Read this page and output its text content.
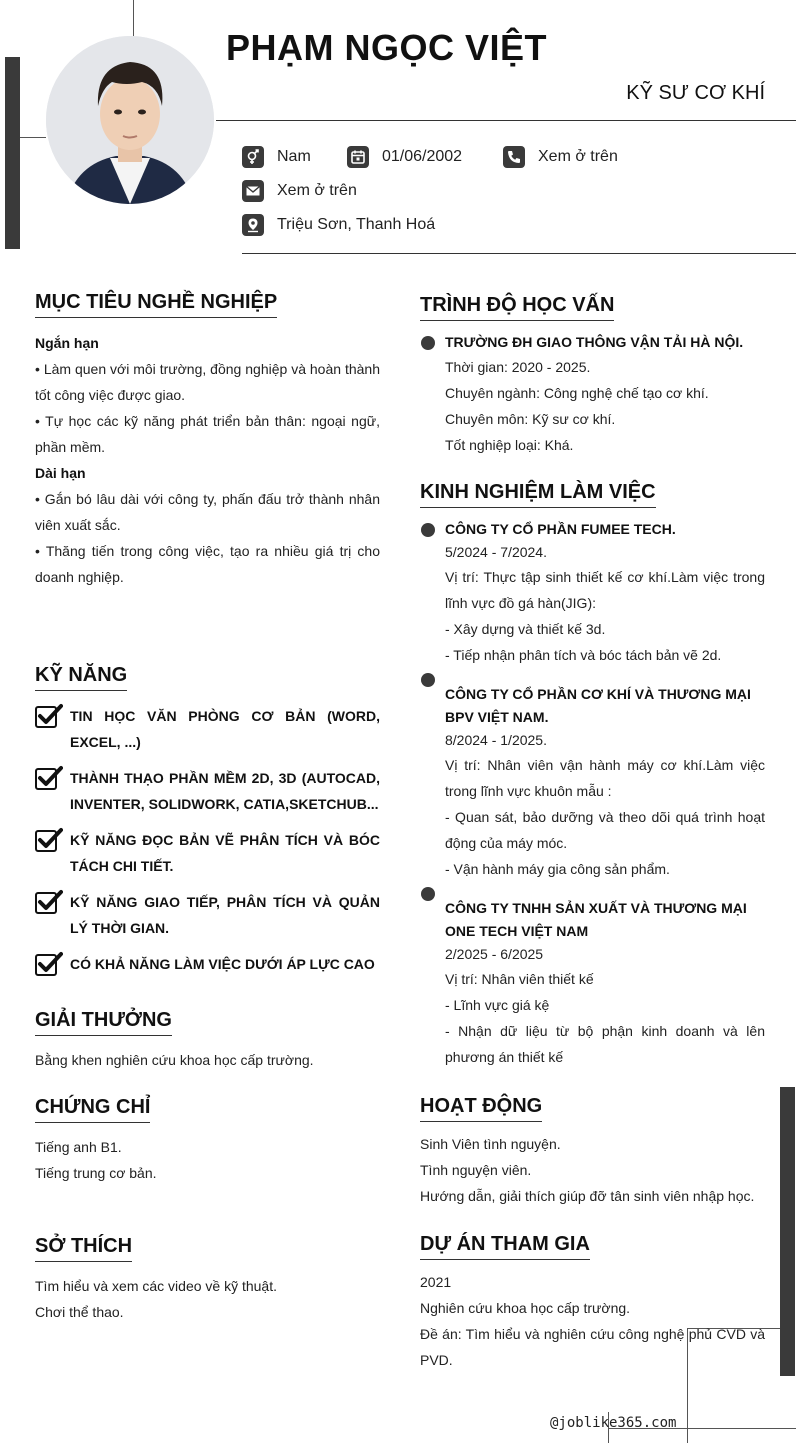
PHẠM NGỌC VIỆT
KỸ SƯ CƠ KHÍ
Nam	01/06/2002	Xem ở trên
Xem ở trên
Triệu Sơn, Thanh Hoá
MỤC TIÊU NGHỀ NGHIỆP
Ngắn hạn
• Làm quen với môi trường, đồng nghiệp và hoàn thành tốt công việc được giao.
• Tự học các kỹ năng phát triển bản thân: ngoại ngữ, phần mềm.
Dài hạn
• Gắn bó lâu dài với công ty, phấn đấu trở thành nhân viên xuất sắc.
• Thăng tiến trong công việc, tạo ra nhiều giá trị cho doanh nghiệp.
KỸ NĂNG
TIN HỌC VĂN PHÒNG CƠ BẢN (WORD, EXCEL, ...)
THÀNH THẠO PHẦN MỀM 2D, 3D (AUTOCAD, INVENTER, SOLIDWORK, CATIA,SKETCHUB...
KỸ NĂNG ĐỌC BẢN VẼ PHÂN TÍCH VÀ BÓC TÁCH CHI TIẾT.
KỸ NĂNG GIAO TIẾP, PHÂN TÍCH VÀ QUẢN LÝ THỜI GIAN.
CÓ KHẢ NĂNG LÀM VIỆC DƯỚI ÁP LỰC CAO
GIẢI THƯỞNG
Bằng khen nghiên cứu khoa học cấp trường.
CHỨNG CHỈ
Tiếng anh B1.
Tiếng trung cơ bản.
SỞ THÍCH
Tìm hiểu và xem các video về kỹ thuật.
Chơi thể thao.
TRÌNH ĐỘ HỌC VẤN
TRƯỜNG ĐH GIAO THÔNG VẬN TẢI HÀ NỘI.
Thời gian: 2020 - 2025.
Chuyên ngành: Công nghệ chế tạo cơ khí.
Chuyên môn: Kỹ sư cơ khí.
Tốt nghiệp loại: Khá.
KINH NGHIỆM LÀM VIỆC
CÔNG TY CỔ PHẦN FUMEE TECH.
5/2024 - 7/2024.
Vị trí: Thực tập sinh thiết kế cơ khí.Làm việc trong lĩnh vực đồ gá hàn(JIG):
- Xây dựng và thiết kế 3d.
- Tiếp nhận phân tích và bóc tách bản vẽ 2d.
CÔNG TY CỔ PHẦN CƠ KHÍ VÀ THƯƠNG MẠI BPV VIỆT NAM.
8/2024 - 1/2025.
Vị trí: Nhân viên vận hành máy cơ khí.Làm việc trong lĩnh vực khuôn mẫu :
- Quan sát, bảo dưỡng và theo dõi quá trình hoạt động của máy móc.
- Vận hành máy gia công sản phẩm.
CÔNG TY TNHH SẢN XUẤT VÀ THƯƠNG MẠI ONE TECH VIỆT NAM
2/2025 - 6/2025
Vị trí: Nhân viên thiết kế
- Lĩnh vực giá kệ
- Nhận dữ liệu từ bộ phận kinh doanh và lên phương án thiết kế
HOẠT ĐỘNG
Sinh Viên tình nguyện.
Tình nguyện viên.
Hướng dẫn, giải thích giúp đỡ tân sinh viên nhập học.
DỰ ÁN THAM GIA
2021
Nghiên cứu khoa học cấp trường.
Đề án: Tìm hiểu và nghiên cứu công nghệ phủ CVD và PVD.
@joblike365.com
